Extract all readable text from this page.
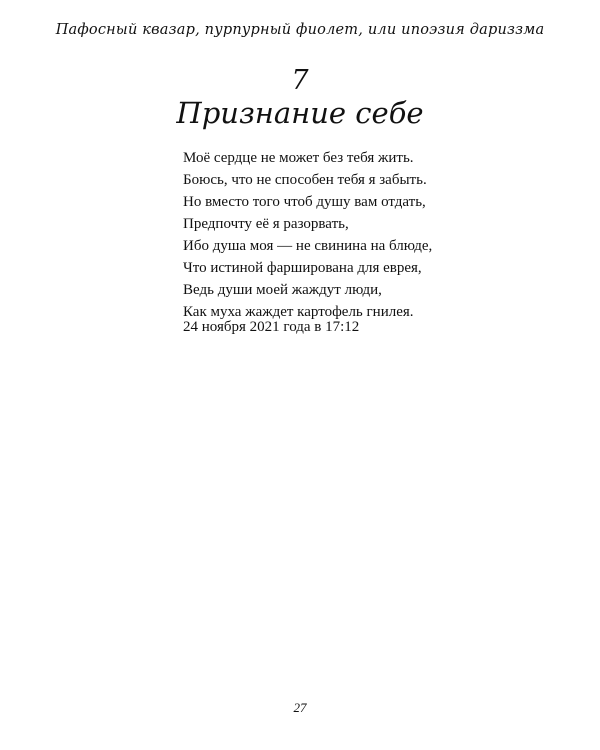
Пафосный квазар, пурпурный фиолет, или ипоэзия дариззма
7
Признание себе
Моё сердце не может без тебя жить.
Боюсь, что не способен тебя я забыть.
Но вместо того чтоб душу вам отдать,
Предпочту её я разорвать,
Ибо душа моя — не свинина на блюде,
Что истиной фарширована для еврея,
Ведь души моей жаждут люди,
Как муха жаждет картофель гнилея.
24 ноября 2021 года в 17:12
27
